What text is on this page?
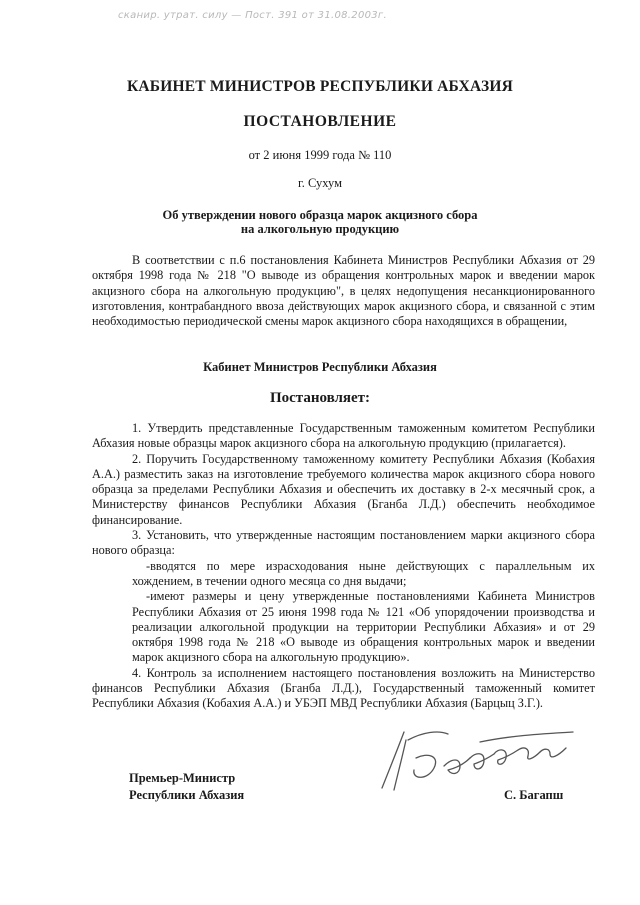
сканир. утрат. силу — Пост. 391 от 31.08.2003г.
КАБИНЕТ МИНИСТРОВ РЕСПУБЛИКИ АБХАЗИЯ
ПОСТАНОВЛЕНИЕ
от 2 июня 1999 года № 110
г. Сухум
Об утверждении нового образца марок акцизного сбора
на алкогольную продукцию

В соответствии с п.6 постановления Кабинета Министров Республики Абхазия от 29 октября 1998 года № 218 "О выводе из обращения контрольных марок и введении марок акцизного сбора на алкогольную продукцию", в целях недопущения несанкционированного изготовления, контрабандного ввоза действующих марок акцизного сбора, и связанной с этим необходимостью периодической смены марок акцизного сбора находящихся в обращении,

Кабинет Министров Республики Абхазия
Постановляет:

1. Утвердить представленные Государственным таможенным комитетом Республики Абхазия новые образцы марок акцизного сбора на алкогольную продукцию (прилагается).

2. Поручить Государственному таможенному комитету Республики Абхазия (Кобахия А.А.) разместить заказ на изготовление требуемого количества марок акцизного сбора нового образца за пределами Республики Абхазия и обеспечить их доставку в 2-х месячный срок, а Министерству финансов Республики Абхазия (Бганба Л.Д.) обеспечить необходимое финансирование.

3. Установить, что утвержденные настоящим постановлением марки акцизного сбора нового образца:

-вводятся по мере израсходования ныне действующих с параллельным их хождением, в течении одного месяца со дня выдачи;

-имеют размеры и цену утвержденные постановлениями Кабинета Министров Республики Абхазия от 25 июня 1998 года № 121 «Об упорядочении производства и реализации алкогольной продукции на территории Республики Абхазия» и от 29 октября 1998 года № 218 «О выводе из обращения контрольных марок и введении марок акцизного сбора на алкогольную продукцию».

4. Контроль за исполнением настоящего постановления возложить на Министерство финансов Республики Абхазия (Бганба Л.Д.), Государственный таможенный комитет Республики Абхазия (Кобахия А.А.) и УБЭП МВД Республики Абхазия (Барцыц З.Г.).

Премьер-Министр
Республики Абхазия	С. Багапш
